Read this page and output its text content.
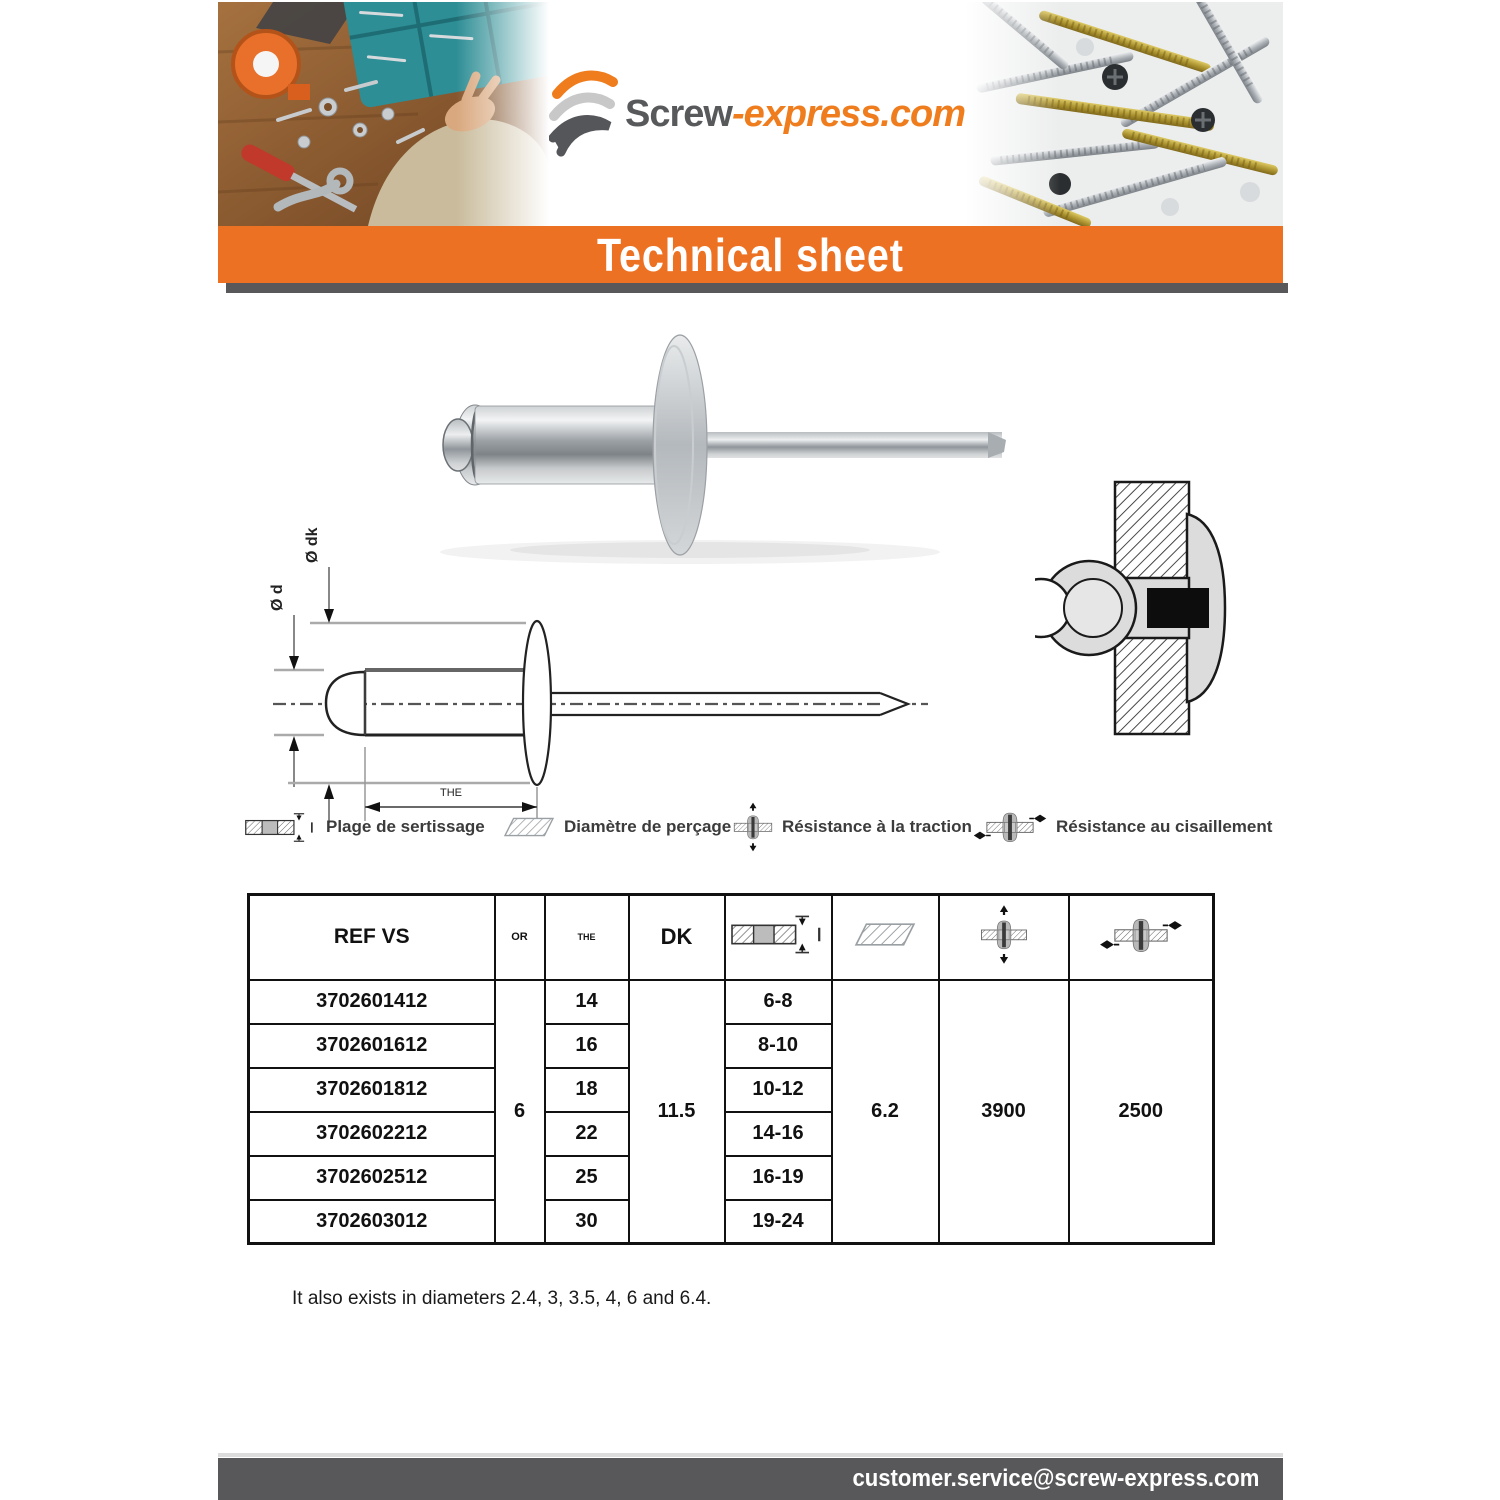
Screw-express.com
Technical sheet
Ø dk
Ø d
THE
Plage de sertissage	Diamètre de perçage	Résistance à la traction	Résistance au cisaillement
REF VS	OR	THE	DK				
3702601412	6	14	11.5	6-8	6.2	3900	2500
3702601612		16		8-10			
3702601812		18		10-12			
3702602212		22		14-16			
3702602512		25		16-19			
3702603012		30		19-24			
It also exists in diameters 2.4, 3, 3.5, 4, 6 and 6.4.
customer.service@screw-express.com
